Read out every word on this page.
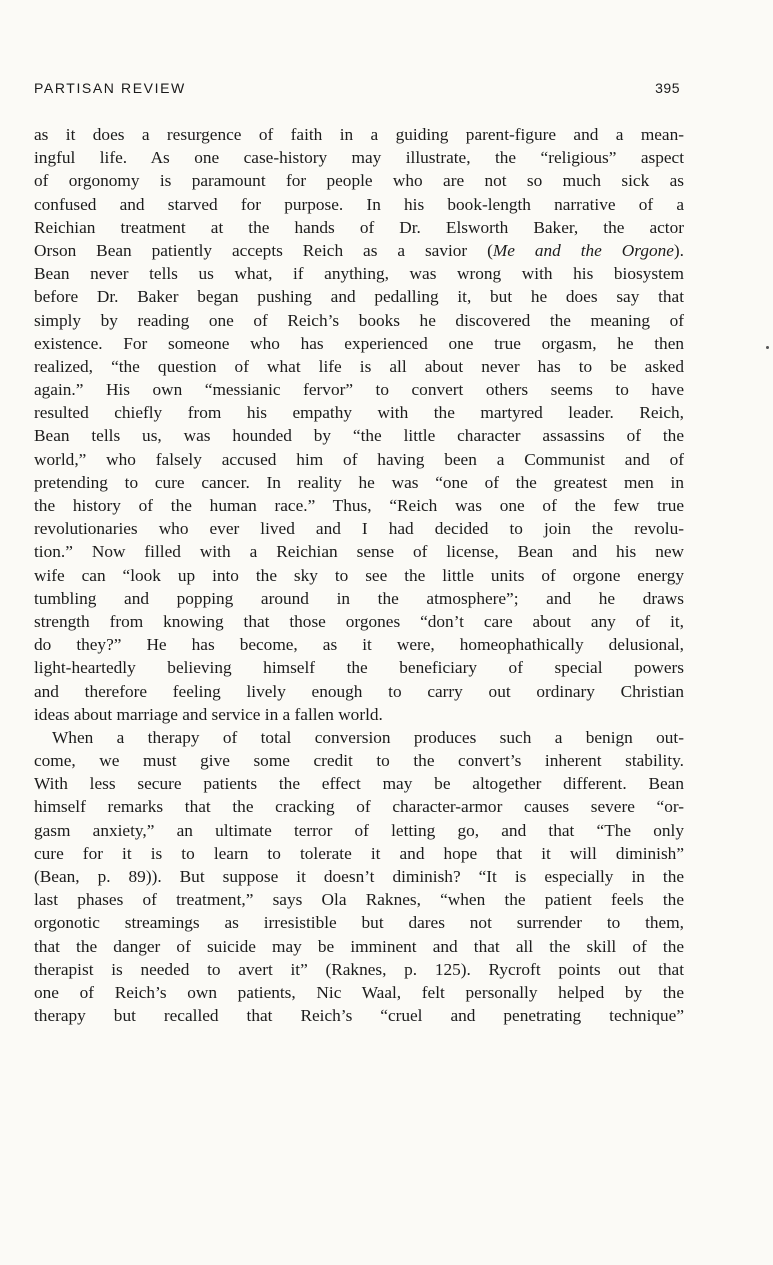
PARTISAN REVIEW	395
as it does a resurgence of faith in a guiding parent-figure and a mean-
ingful life. As one case-history may illustrate, the “religious” aspect
of orgonomy is paramount for people who are not so much sick as
confused and starved for purpose. In his book-length narrative of a
Reichian treatment at the hands of Dr. Elsworth Baker, the actor
Orson Bean patiently accepts Reich as a savior (Me and the Orgone).
Bean never tells us what, if anything, was wrong with his biosystem
before Dr. Baker began pushing and pedalling it, but he does say that
simply by reading one of Reich’s books he discovered the meaning of
existence. For someone who has experienced one true orgasm, he then
realized, “the question of what life is all about never has to be asked
again.” His own “messianic fervor” to convert others seems to have
resulted chiefly from his empathy with the martyred leader. Reich,
Bean tells us, was hounded by “the little character assassins of the
world,” who falsely accused him of having been a Communist and of
pretending to cure cancer. In reality he was “one of the greatest men in
the history of the human race.” Thus, “Reich was one of the few true
revolutionaries who ever lived and I had decided to join the revolu-
tion.” Now filled with a Reichian sense of license, Bean and his new
wife can “look up into the sky to see the little units of orgone energy
tumbling and popping around in the atmosphere”; and he draws
strength from knowing that those orgones “don’t care about any of it,
do they?” He has become, as it were, homeophathically delusional,
light-heartedly believing himself the beneficiary of special powers
and therefore feeling lively enough to carry out ordinary Christian
ideas about marriage and service in a fallen world.
When a therapy of total conversion produces such a benign out-
come, we must give some credit to the convert’s inherent stability.
With less secure patients the effect may be altogether different. Bean
himself remarks that the cracking of character-armor causes severe “or-
gasm anxiety,” an ultimate terror of letting go, and that “The only
cure for it is to learn to tolerate it and hope that it will diminish”
(Bean, p. 89)). But suppose it doesn’t diminish? “It is especially in the
last phases of treatment,” says Ola Raknes, “when the patient feels the
orgonotic streamings as irresistible but dares not surrender to them,
that the danger of suicide may be imminent and that all the skill of the
therapist is needed to avert it” (Raknes, p. 125). Rycroft points out that
one of Reich’s own patients, Nic Waal, felt personally helped by the
therapy but recalled that Reich’s “cruel and penetrating technique”
